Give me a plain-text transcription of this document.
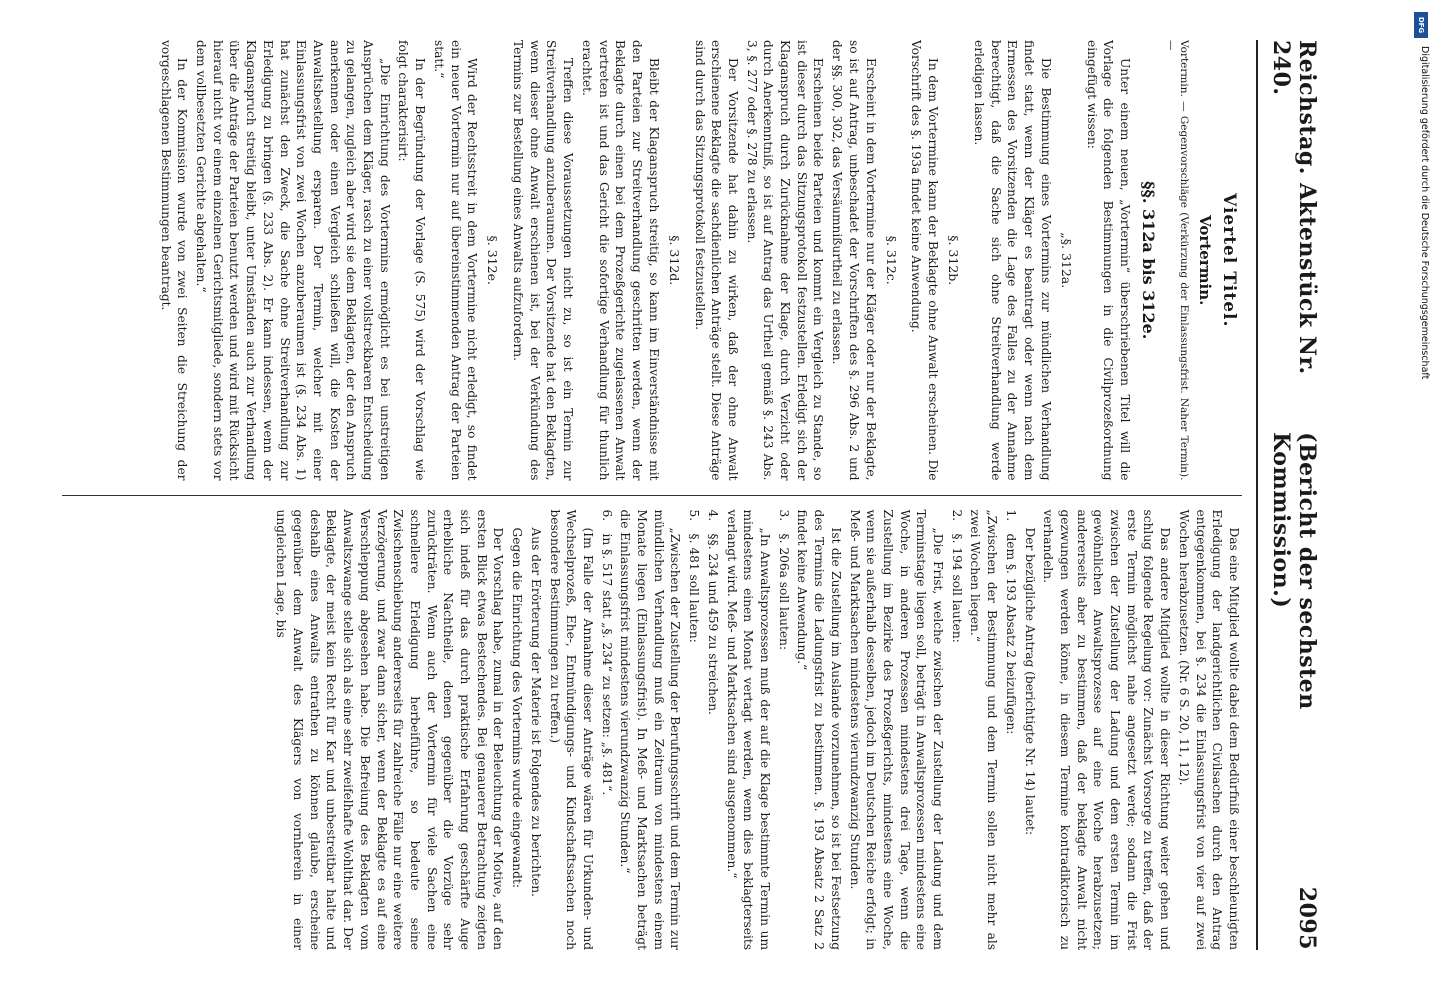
Reichstag. Aktenstück Nr. 240.
(Bericht der sechsten Kommission.)
2095
Viertel Titel.
Vortermin.
Vortermin. — Gegenvorschläge (Verkürzung der Einlassungsfrist. Naher Termin). —
§§. 312a bis 312e.

Unter einem neuen, „Vortermin“ überschriebenen Titel will die Vorlage die folgenden Bestimmungen in die Civilprozeßordnung eingefügt wissen:

„§. 312a.

Die Bestimmung eines Vortermins zur mündlichen Verhandlung findet statt, wenn der Kläger es beantragt oder wenn nach dem Ermessen des Vorsitzenden die Lage des Falles zu der Annahme berechtigt, daß die Sache sich ohne Streitverhandlung werde erledigen lassen.

§. 312b.

In dem Vortermine kann der Beklagte ohne Anwalt erscheinen. Die Vorschrift des §. 193a findet keine Anwendung.

§. 312c.

Erscheint in dem Vortermine nur der Kläger oder nur der Beklagte, so ist auf Antrag, unbeschadet der Vorschriften des §. 296 Abs. 2 und der §§. 300, 302, das Versäumnißurtheil zu erlassen.

Erscheinen beide Parteien und kommt ein Vergleich zu Stande, so ist dieser durch das Sitzungsprotokoll festzustellen. Erledigt sich der Klaganspruch durch Zurücknahme der Klage, durch Verzicht oder durch Anerkenntniß, so ist auf Antrag das Urtheil gemäß §. 243 Abs. 3, §. 277 oder §. 278 zu erlassen.

Der Vorsitzende hat dahin zu wirken, daß der ohne Anwalt erschienene Beklagte die sachdienlichen Anträge stellt. Diese Anträge sind durch das Sitzungsprotokoll festzustellen.

§. 312d.

Bleibt der Klaganspruch streitig, so kann im Einverständnisse mit den Parteien zur Streitverhandlung geschritten werden, wenn der Beklagte durch einen bei dem Prozeßgerichte zugelassenen Anwalt vertreten ist und das Gericht die sofortige Verhandlung für thunlich erachtet.

Treffen diese Voraussetzungen nicht zu, so ist ein Termin zur Streitverhandlung anzuberaumen. Der Vorsitzende hat den Beklagten, wenn dieser ohne Anwalt erschienen ist, bei der Verkündung des Termins zur Bestellung eines Anwalts aufzufordern.

§. 312e.

Wird der Rechtsstreit in dem Vortermine nicht erledigt, so findet ein neuer Vortermin nur auf übereinstimmenden Antrag der Parteien statt.“

In der Begründung der Vorlage (S. 575) wird der Vorschlag wie folgt charakterisirt:

„Die Einrichtung des Vortermins ermöglicht es bei unstreitigen Ansprüchen dem Kläger, rasch zu einer vollstreckbaren Entscheidung zu gelangen, zugleich aber wird sie dem Beklagten, der den Anspruch anerkennen oder einen Vergleich schließen will, die Kosten der Anwaltsbestellung ersparen. Der Termin, welcher mit einer Einlassungsfrist von zwei Wochen anzuberaumen ist (§. 234 Abs. 1) hat zunächst den Zweck, die Sache ohne Streitverhandlung zur Erledigung zu bringen (§. 233 Abs. 2). Er kann indessen, wenn der Klaganspruch streitig bleibt, unter Umständen auch zur Verhandlung über die Anträge der Parteien benutzt werden und wird mit Rücksicht hierauf nicht vor einem einzelnen Gerichtsmitgliede, sondern stets vor dem vollbesetzten Gerichte abgehalten.“

In der Kommission wurde von zwei Seiten die Streichung der vorgeschlagenen Bestimmungen beantragt.

Das eine Mitglied wollte dabei dem Bedürfniß einer beschleunigten Erledigung der landgerichtlichen Civilsachen durch den Antrag entgegenkommen, bei §. 234 die Einlassungsfrist von vier auf zwei Wochen herabzusetzen. (Nr. 6 S. 20, 11, 12).

Das andere Mitglied wollte in dieser Richtung weiter gehen und schlug folgende Regelung vor: Zunächst Vorsorge zu treffen, daß der erste Termin möglichst nahe angesetzt werde; sodann die Frist zwischen der Zustellung der Ladung und dem ersten Termin im gewöhnlichen Anwaltsprozesse auf eine Woche herabzusetzen; andererseits aber zu bestimmen, daß der beklagte Anwalt nicht gezwungen werden könne, in diesem Termine kontradiktorisch zu verhandeln.

Der bezügliche Antrag (berichtigte Nr. 14) lautet:

1.
dem §. 193 Absatz 2 beizufügen:

„Zwischen der Bestimmung und dem Termin sollen nicht mehr als zwei Wochen liegen.“

2.
§. 194 soll lauten:

„Die Frist, welche zwischen der Zustellung der Ladung und dem Terminstage liegen soll, beträgt in Anwaltsprozessen mindestens eine Woche, in anderen Prozessen mindestens drei Tage, wenn die Zustellung im Bezirke des Prozeßgerichts, mindestens eine Woche, wenn sie außerhalb desselben, jedoch im Deutschen Reiche erfolgt; in Meß- und Marktsachen mindestens vierundzwanzig Stunden.

Ist die Zustellung im Auslande vorzunehmen, so ist bei Festsetzung des Termins die Ladungsfrist zu bestimmen. §. 193 Absatz 2 Satz 2 findet keine Anwendung.“

3.
§. 206a soll lauten:

„In Anwaltsprozessen muß der auf die Klage bestimmte Termin um mindestens einen Monat vertagt werden, wenn dies beklagterseits verlangt wird. Meß- und Marktsachen sind ausgenommen.“

4.
§§. 234 und 459 zu streichen.
5.
§. 481 soll lauten:

„Zwischen der Zustellung der Berufungsschrift und dem Termin zur mündlichen Verhandlung muß ein Zeitraum von mindestens einem Monate liegen (Einlassungsfrist). In Meß- und Marktsachen beträgt die Einlassungsfrist mindestens vierundzwanzig Stunden.“

6.
in §. 517 statt „§. 234“ zu setzen: „§. 481“.

(Im Falle der Annahme dieser Anträge wären für Urkunden- und Wechselprozeß, Ehe-, Entmündigungs- und Kindschaftssachen noch besondere Bestimmungen zu treffen.)

Aus der Erörterung der Materie ist Folgendes zu berichten.

Gegen die Einrichtung des Vortermins wurde eingewandt:

Der Vorschlag habe, zumal in der Beleuchtung der Motive, auf den ersten Blick etwas Bestechendes. Bei genauerer Betrachtung zeigten sich indeß für das durch praktische Erfahrung geschärfte Auge erhebliche Nachtheile, denen gegenüber die Vorzüge sehr zurückträten. Wenn auch der Vortermin für viele Sachen eine schnellere Erledigung herbeiführe, so bedeute seine Zwischenschiebung andererseits für zahlreiche Fälle nur eine weitere Verzögerung, und zwar dann sicher, wenn der Beklagte es auf eine Verschleppung abgesehen habe. Die Befreiung des Beklagten vom Anwaltszwange stelle sich als eine sehr zweifelhafte Wohlthat dar. Der Beklagte, der meist kein Recht für Kar und unbestreitbar halte und deshalb eines Anwalts entrathen zu können glaube, erscheine gegenüber dem Anwalt des Klägers von vornherein in einer ungleichen Lage, bis

DFG
Digitalisierung gefördert durch die Deutsche Forschungsgemeinschaft
